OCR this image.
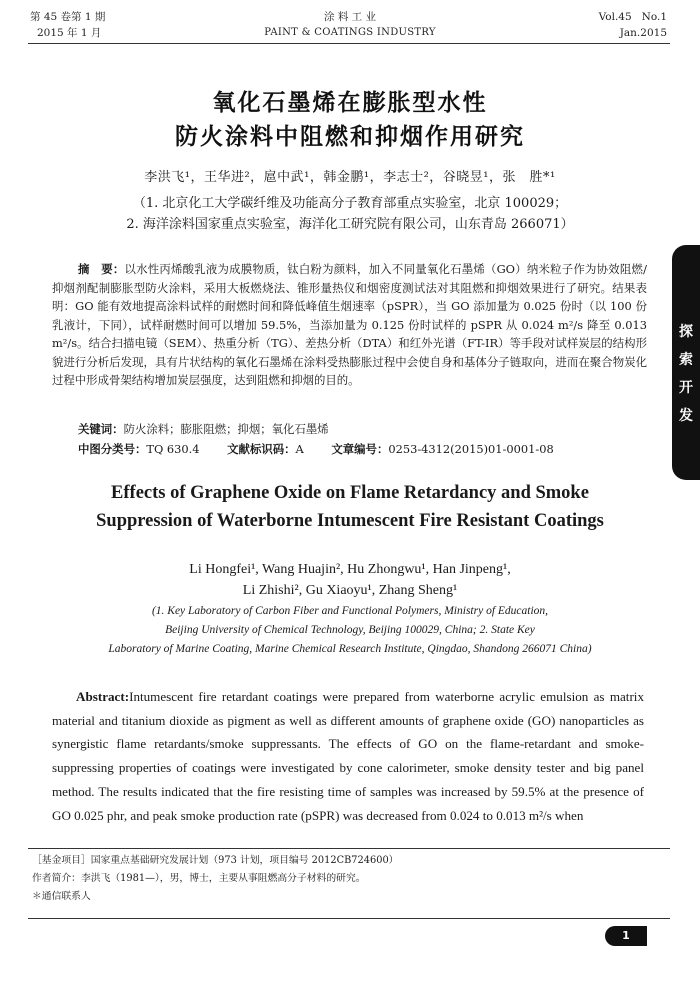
第 45 卷第 1 期
2015 年 1 月
涂 料 工 业
PAINT & COATINGS INDUSTRY
Vol.45   No.1
Jan.2015
氧化石墨烯在膨胀型水性
防火涂料中阻燃和抑烟作用研究
李洪飞¹，王华进²，扈中武¹，韩金鹏¹，李志士²，谷晓昱¹，张　胜*¹
（1. 北京化工大学碳纤维及功能高分子教育部重点实验室，北京 100029；
2. 海洋涂料国家重点实验室，海洋化工研究院有限公司，山东青岛 266071）
摘　要：以水性丙烯酸乳液为成膜物质，钛白粉为颜料，加入不同量氧化石墨烯（GO）纳米粒子作为协效阻燃/抑烟剂配制膨胀型防火涂料，采用大板燃烧法、锥形量热仪和烟密度测试法对其阻燃和抑烟效果进行了研究。结果表明：GO 能有效地提高涂料试样的耐燃时间和降低峰值生烟速率（pSPR），当 GO 添加量为 0.025 份时（以 100 份乳液计，下同），试样耐燃时间可以增加 59.5%，当添加量为 0.125 份时试样的 pSPR 从 0.024 m²/s 降至 0.013 m²/s。结合扫描电镜（SEM）、热重分析（TG）、差热分析（DTA）和红外光谱（FT-IR）等手段对试样炭层的结构形貌进行分析后发现，具有片状结构的氧化石墨烯在涂料受热膨胀过程中会使自身和基体分子链取向，进而在聚合物炭化过程中形成骨架结构增加炭层强度，达到阻燃和抑烟的目的。
关键词：防火涂料；膨胀阻燃；抑烟；氧化石墨烯
中图分类号：TQ 630.4 文献标识码：A 文章编号：0253-4312(2015)01-0001-08
Effects of Graphene Oxide on Flame Retardancy and Smoke
Suppression of Waterborne Intumescent Fire Resistant Coatings
Li Hongfei¹, Wang Huajin², Hu Zhongwu¹, Han Jinpeng¹,
Li Zhishi², Gu Xiaoyu¹, Zhang Sheng¹
(1. Key Laboratory of Carbon Fiber and Functional Polymers, Ministry of Education,
Beijing University of Chemical Technology, Beijing 100029, China; 2. State Key
Laboratory of Marine Coating, Marine Chemical Research Institute, Qingdao, Shandong 266071 China)
Abstract:Intumescent fire retardant coatings were prepared from waterborne acrylic emulsion as matrix material and titanium dioxide as pigment as well as different amounts of graphene oxide (GO) nanoparticles as synergistic flame retardants/smoke suppressants. The effects of GO on the flame-retardant and smoke-suppressing properties of coatings were investigated by cone calorimeter, smoke density tester and big panel method. The results indicated that the fire resisting time of samples was increased by 59.5% at the presence of GO 0.025 phr, and peak smoke production rate (pSPR) was decreased from 0.024 to 0.013 m²/s when
［基金项目］国家重点基础研究发展计划（973 计划，项目编号 2012CB724600）
作者简介：李洪飞（1981—），男，博士，主要从事阻燃高分子材料的研究。
＊通信联系人
探
索
开
发
1
